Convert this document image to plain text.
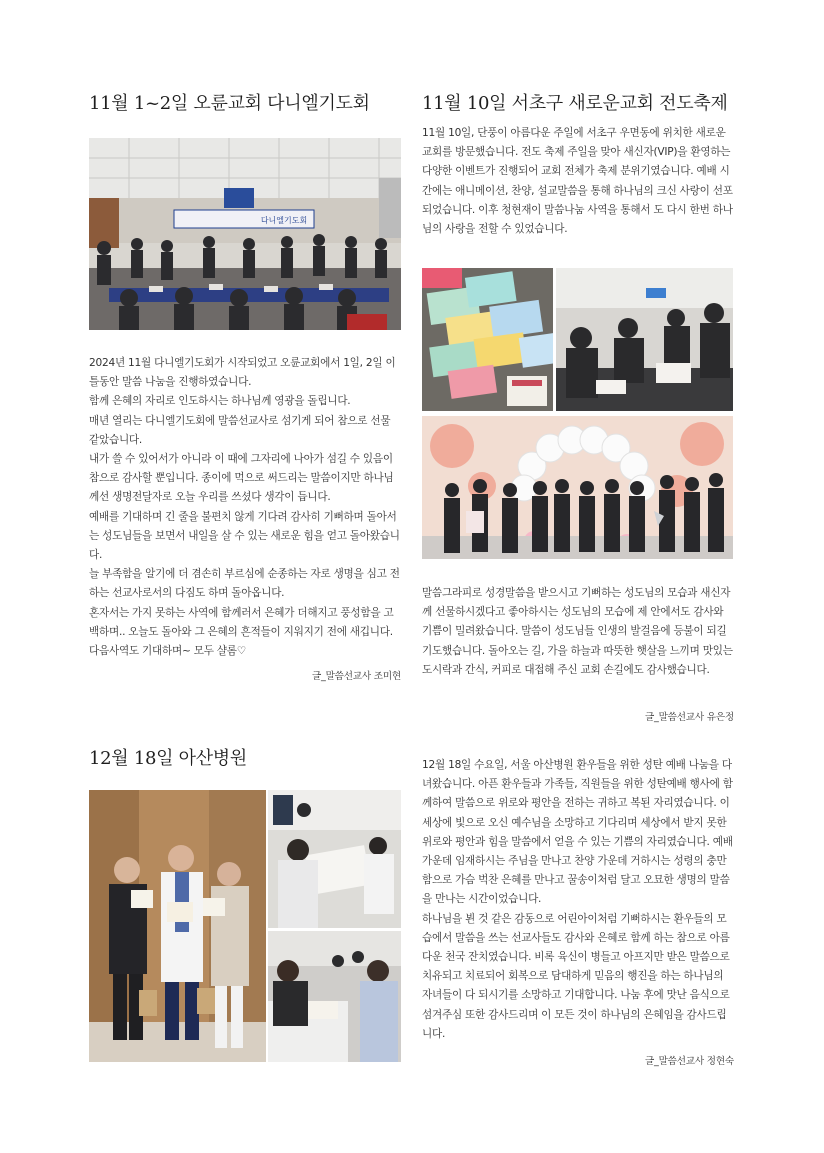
11월 1~2일 오륜교회 다니엘기도회
다니엘기도회

2024년 11월 다니엘기도회가 시작되었고 오륜교회에서 1일, 2일 이틀동안 말씀 나눔을 진행하였습니다.

함께 은혜의 자리로 인도하시는 하나님께 영광을 돌립니다.

매년 열리는 다니엘기도회에 말씀선교사로 섬기게 되어 참으로 선물 같았습니다.

내가 쓸 수 있어서가 아니라 이 때에 그자리에 나아가 섬길 수 있음이 참으로 감사할 뿐입니다. 종이에 먹으로 써드리는 말씀이지만 하나님께선 생명전달자로 오늘 우리를 쓰셨다 생각이 듭니다.

예배를 기대하며 긴 줄을 불편치 않게 기다려 감사히 기뻐하며 돌아서는 성도님들을 보면서 내일을 살 수 있는 새로운 힘을 얻고 돌아왔습니다.

늘 부족함을 알기에 더 겸손히 부르심에 순종하는 자로 생명을 심고 전하는 선교사로서의 다짐도 하며 돌아옵니다.

혼자서는 가지 못하는 사역에 함께러서 은혜가 더해지고 풍성함을 고백하며.. 오늘도 돌아와 그 은혜의 흔적들이 지워지기 전에 새깁니다. 다음사역도 기대하며~ 모두 샬롬♡

글_말씀선교사 조미현
11월 10일 서초구 새로운교회 전도축제

11월 10일, 단풍이 아름다운 주일에 서초구 우면동에 위치한 새로운 교회를 방문했습니다. 전도 축제 주일을 맞아 새신자(VIP)을 환영하는 다양한 이벤트가 진행되어 교회 전체가 축제 분위기였습니다. 예배 시간에는 애니메이션, 찬양, 설교말씀을 통해 하나님의 크신 사랑이 선포되었습니다. 이후 청현재이 말씀나눔 사역을 통해서 도 다시 한번 하나님의 사랑을 전할 수 있었습니다.

말씀그라피로 성경말씀을 받으시고 기뻐하는 성도님의 모습과 새신자께 선물하시겠다고 좋아하시는 성도님의 모습에 제 안에서도 감사와 기쁨이 밀려왔습니다. 말씀이 성도님들 인생의 발걸음에 등불이 되길 기도했습니다. 돌아오는 길, 가을 하늘과 따뜻한 햇살을 느끼며 맛있는 도시락과 간식, 커피로 대접해 주신 교회 손길에도 감사했습니다.

글_말씀선교사 유은정
12월 18일 아산병원	12월 18일 수요일, 서울 아산병원 환우들을 위한 성탄 예배 나눔을 다녀왔습니다. 아픈 환우들과 가족들, 직원들을 위한 성탄예배 행사에 함께하여 말씀으로 위로와 평안을 전하는 귀하고 복된 자리였습니다. 이 세상에 빛으로 오신 예수님을 소망하고 기다리며 세상에서 받지 못한 위로와 평안과 힘을 말씀에서 얻을 수 있는 기쁨의 자리였습니다. 예배 가운데 임재하시는 주님을 만나고 찬양 가운데 거하시는 성령의 충만함으로 가슴 벅찬 은혜를 만나고 꿀송이처럼 달고 오묘한 생명의 말씀을 만나는 시간이었습니다.

하나님을 뵌 것 같은 감동으로 어린아이처럼 기뻐하시는 환우들의 모습에서 말씀을 쓰는 선교사들도 감사와 은혜로 함께 하는 참으로 아름다운 천국 잔치였습니다. 비록 육신이 병들고 아프지만 받은 말씀으로 치유되고 치료되어 회복으로 담대하게 믿음의 행진을 하는 하나님의 자녀들이 다 되시기를 소망하고 기대합니다. 나눔 후에 맛난 음식으로 섬겨주심 또한 감사드리며 이 모든 것이 하나님의 은혜임을 감사드립니다.

글_말씀선교사 정현숙
